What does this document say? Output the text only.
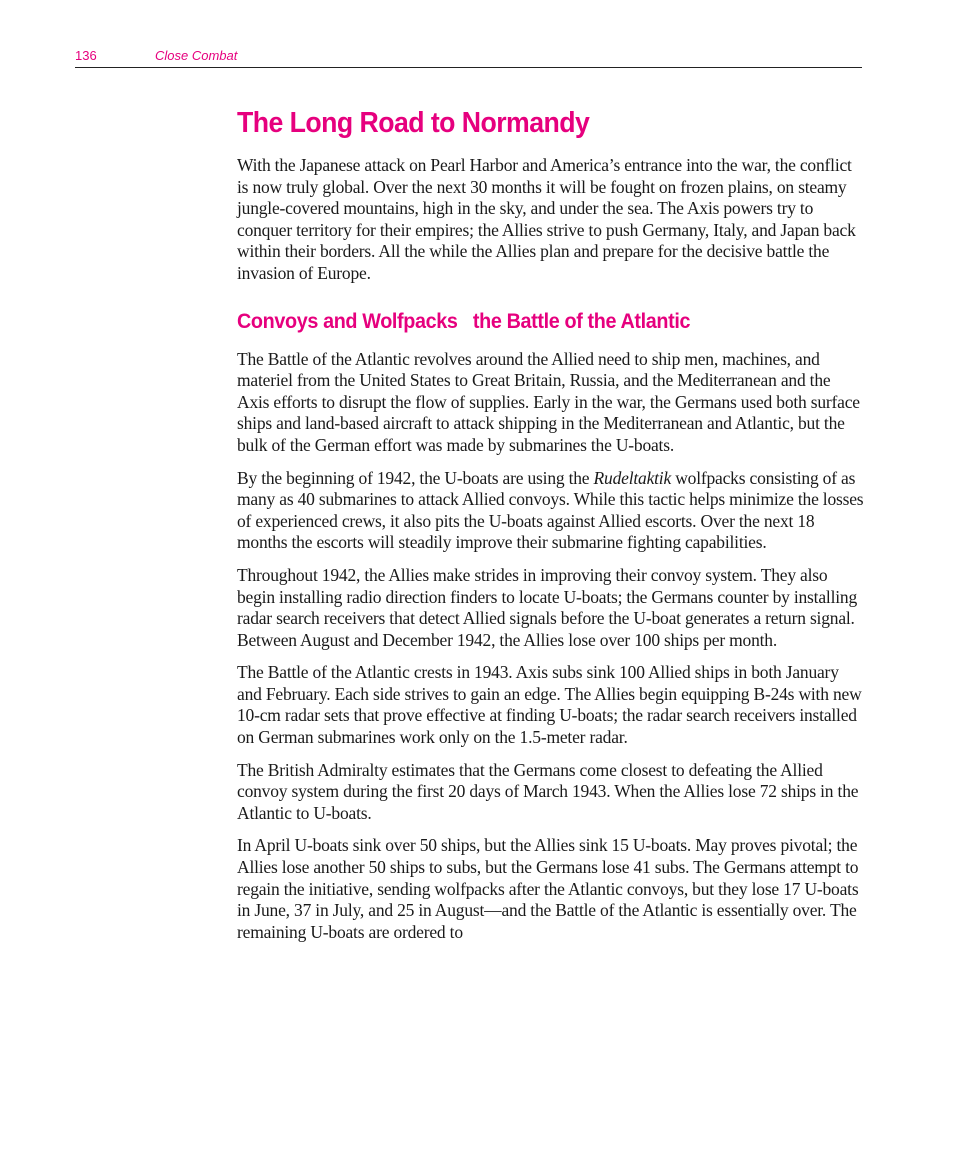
136	Close Combat
The Long Road to Normandy

With the Japanese attack on Pearl Harbor and America’s entrance into the war, the conflict is now truly global. Over the next 30 months it will be fought on frozen plains, on steamy jungle-covered mountains, high in the sky, and under the sea. The Axis powers try to conquer territory for their empires; the Allies strive to push Germany, Italy, and Japan back within their borders. All the while the Allies plan and prepare for the decisive battle the invasion of Europe.

Convoys and Wolfpacks   the Battle of the Atlantic

The Battle of the Atlantic revolves around the Allied need to ship men, machines, and materiel from the United States to Great Britain, Russia, and the Mediterranean and the Axis efforts to disrupt the flow of supplies. Early in the war, the Germans used both surface ships and land-based aircraft to attack shipping in the Mediterranean and Atlantic, but the bulk of the German effort was made by submarines the U-boats.

By the beginning of 1942, the U-boats are using the Rudeltaktik wolfpacks consisting of as many as 40 submarines to attack Allied convoys. While this tactic helps minimize the losses of experienced crews, it also pits the U-boats against Allied escorts. Over the next 18 months the escorts will steadily improve their submarine fighting capabilities.

Throughout 1942, the Allies make strides in improving their convoy system. They also begin installing radio direction finders to locate U-boats; the Germans counter by installing radar search receivers that detect Allied signals before the U-boat generates a return signal. Between August and December 1942, the Allies lose over 100 ships per month.

The Battle of the Atlantic crests in 1943. Axis subs sink 100 Allied ships in both January and February. Each side strives to gain an edge. The Allies begin equipping B-24s with new 10-cm radar sets that prove effective at finding U-boats; the radar search receivers installed on German submarines work only on the 1.5-meter radar.

The British Admiralty estimates that the Germans come closest to defeating the Allied convoy system during the first 20 days of March 1943. When the Allies lose 72 ships in the Atlantic to U-boats.

In April U-boats sink over 50 ships, but the Allies sink 15 U-boats. May proves pivotal; the Allies lose another 50 ships to subs, but the Germans lose 41 subs. The Germans attempt to regain the initiative, sending wolfpacks after the Atlantic convoys, but they lose 17 U-boats in June, 37 in July, and 25 in August—and the Battle of the Atlantic is essentially over. The remaining U-boats are ordered to
